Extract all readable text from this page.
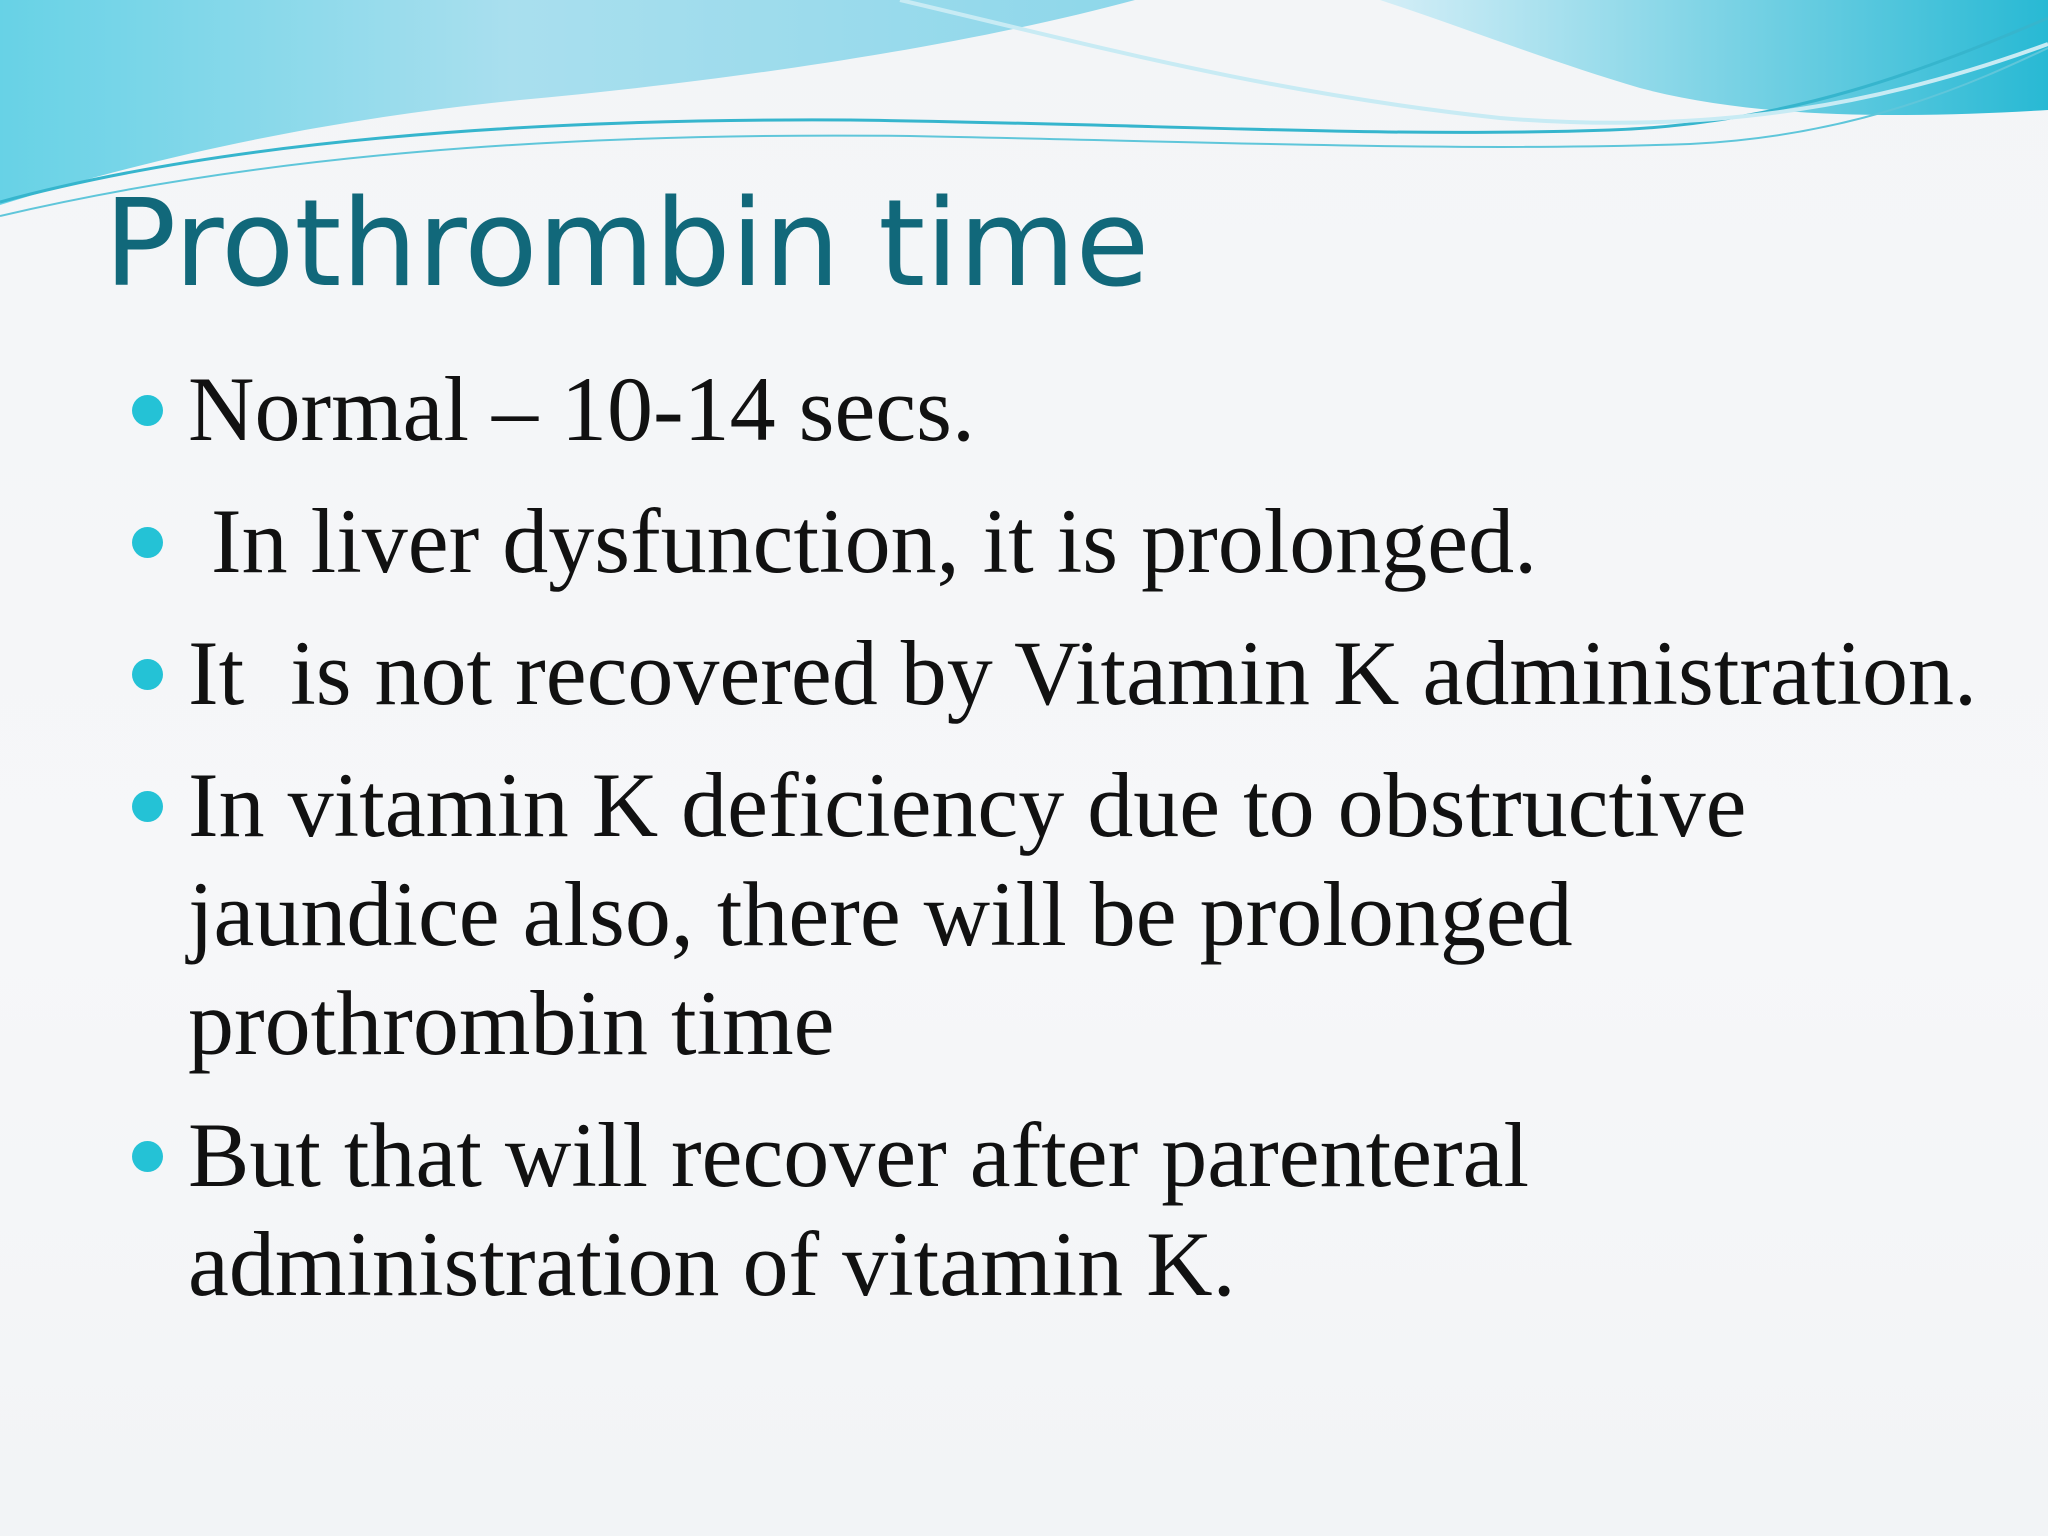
Prothrombin time
Normal – 10-14 secs.
In liver dysfunction, it is prolonged.
It  is not recovered by Vitamin K administration.
In vitamin K deficiency due to obstructive jaundice also, there will be prolonged prothrombin time
But that will recover after parenteral administration of vitamin K.
